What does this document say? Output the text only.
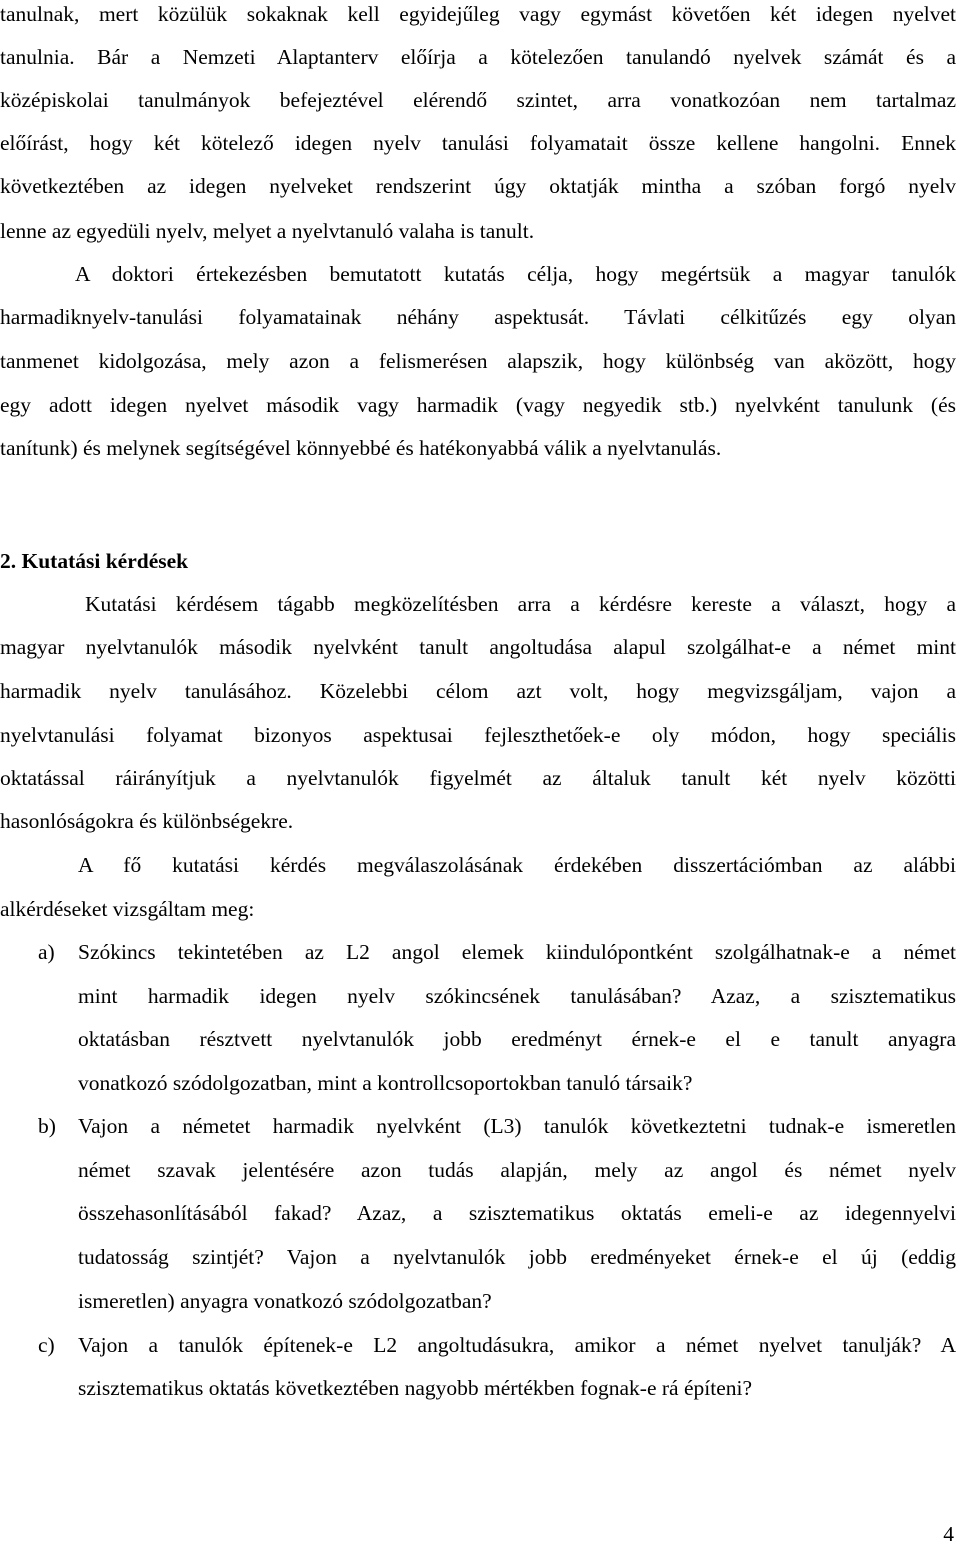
tanulnak, mert közülük sokaknak kell egyidejűleg vagy egymást követően két idegen nyelvet
tanulnia. Bár a Nemzeti Alaptanterv előírja a kötelezően tanulandó nyelvek számát és a
középiskolai tanulmányok befejeztével elérendő szintet, arra vonatkozóan nem tartalmaz
előírást, hogy két kötelező idegen nyelv tanulási folyamatait össze kellene hangolni. Ennek
következtében az idegen nyelveket rendszerint úgy oktatják mintha a szóban forgó nyelv
lenne az egyedüli nyelv, melyet a nyelvtanuló valaha is tanult.
A doktori értekezésben bemutatott kutatás célja, hogy megértsük a magyar tanulók
harmadiknyelv-tanulási folyamatainak néhány aspektusát. Távlati célkitűzés egy olyan
tanmenet kidolgozása, mely azon a felismerésen alapszik, hogy különbség van aközött, hogy
egy adott idegen nyelvet második vagy harmadik (vagy negyedik stb.) nyelvként tanulunk (és
tanítunk) és melynek segítségével könnyebbé és hatékonyabbá válik a nyelvtanulás.
2. Kutatási kérdések
Kutatási kérdésem tágabb megközelítésben arra a kérdésre kereste a választ, hogy a
magyar nyelvtanulók második nyelvként tanult angoltudása alapul szolgálhat-e a német mint
harmadik nyelv tanulásához. Közelebbi célom azt volt, hogy megvizsgáljam, vajon a
nyelvtanulási folyamat bizonyos aspektusai fejleszthetőek-e oly módon, hogy speciális
oktatással ráirányítjuk a nyelvtanulók figyelmét az általuk tanult két nyelv közötti
hasonlóságokra és különbségekre.
A fő kutatási kérdés megválaszolásának érdekében disszertációmban az alábbi
alkérdéseket vizsgáltam meg:
a) Szókincs tekintetében az L2 angol elemek kiindulópontként szolgálhatnak-e a német
mint harmadik idegen nyelv szókincsének tanulásában? Azaz, a szisztematikus
oktatásban résztvett nyelvtanulók jobb eredményt érnek-e el e tanult anyagra
vonatkozó szódolgozatban, mint a kontrollcsoportokban tanuló társaik?
b) Vajon a németet harmadik nyelvként (L3) tanulók következtetni tudnak-e ismeretlen
német szavak jelentésére azon tudás alapján, mely az angol és német nyelv
összehasonlításából fakad? Azaz, a szisztematikus oktatás emeli-e az idegennyelvi
tudatosság szintjét? Vajon a nyelvtanulók jobb eredményeket érnek-e el új (eddig
ismeretlen) anyagra vonatkozó szódolgozatban?
c) Vajon a tanulók építenek-e L2 angoltudásukra, amikor a német nyelvet tanulják? A
szisztematikus oktatás következtében nagyobb mértékben fognak-e rá építeni?
4
